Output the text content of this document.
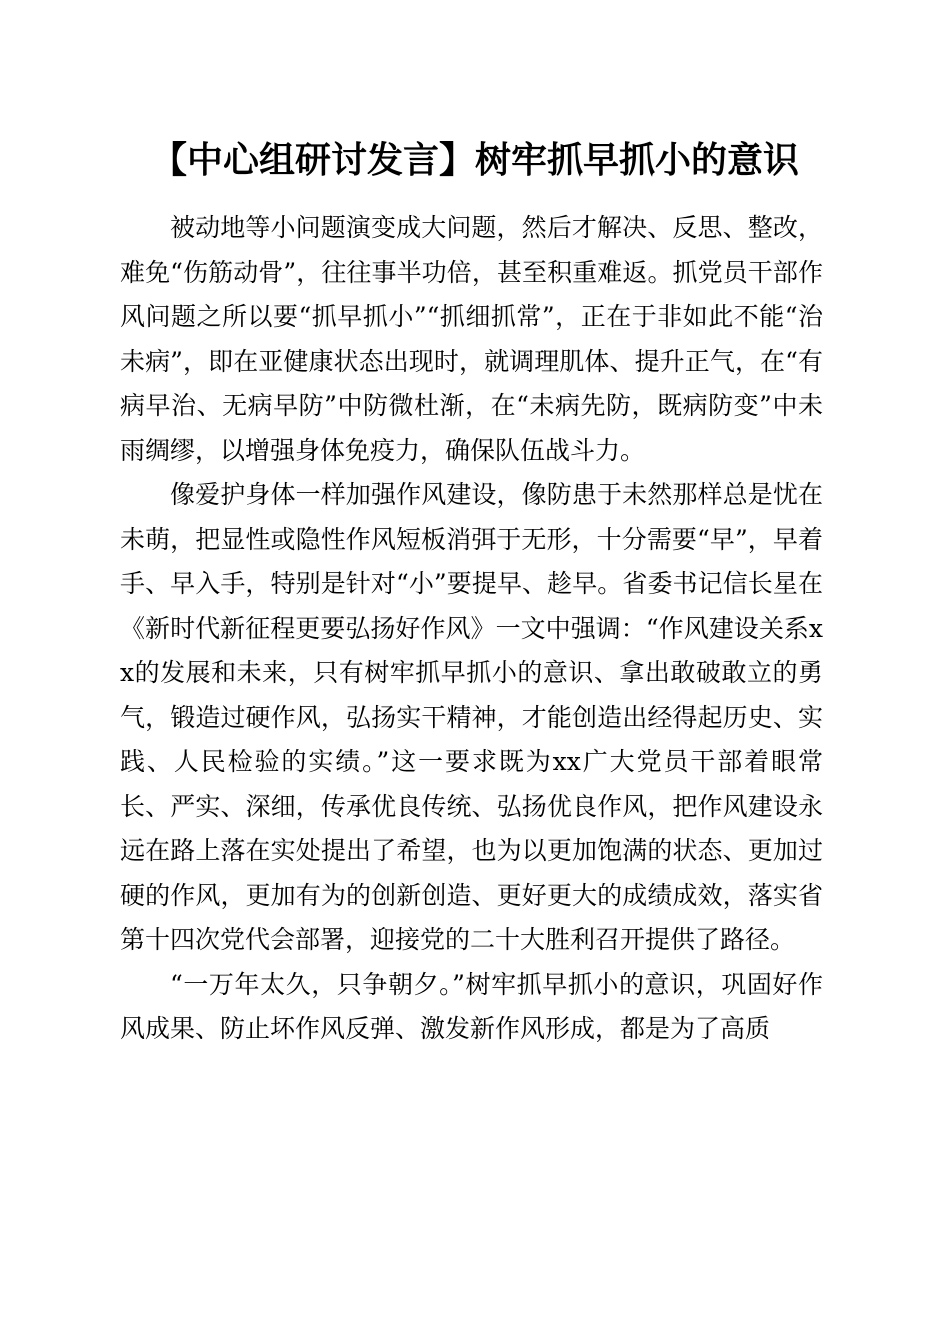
【中心组研讨发言】树牢抓早抓小的意识

被动地等小问题演变成大问题，然后才解决、反思、整改，难免“伤筋动骨”，往往事半功倍，甚至积重难返。抓党员干部作风问题之所以要“抓早抓小”“抓细抓常”，正在于非如此不能“治未病”，即在亚健康状态出现时，就调理肌体、提升正气，在“有病早治、无病早防”中防微杜渐，在“未病先防，既病防变”中未雨绸缪，以增强身体免疫力，确保队伍战斗力。

像爱护身体一样加强作风建设，像防患于未然那样总是忧在未萌，把显性或隐性作风短板消弭于无形，十分需要“早”，早着手、早入手，特别是针对“小”要提早、趁早。省委书记信长星在《新时代新征程更要弘扬好作风》一文中强调：“作风建设关系xx的发展和未来，只有树牢抓早抓小的意识、拿出敢破敢立的勇气，锻造过硬作风，弘扬实干精神，才能创造出经得起历史、实践、人民检验的实绩。”这一要求既为xx广大党员干部着眼常长、严实、深细，传承优良传统、弘扬优良作风，把作风建设永远在路上落在实处提出了希望，也为以更加饱满的状态、更加过硬的作风，更加有为的创新创造、更好更大的成绩成效，落实省第十四次党代会部署，迎接党的二十大胜利召开提供了路径。

“一万年太久，只争朝夕。”树牢抓早抓小的意识，巩固好作风成果、防止坏作风反弹、激发新作风形成，都是为了高质
